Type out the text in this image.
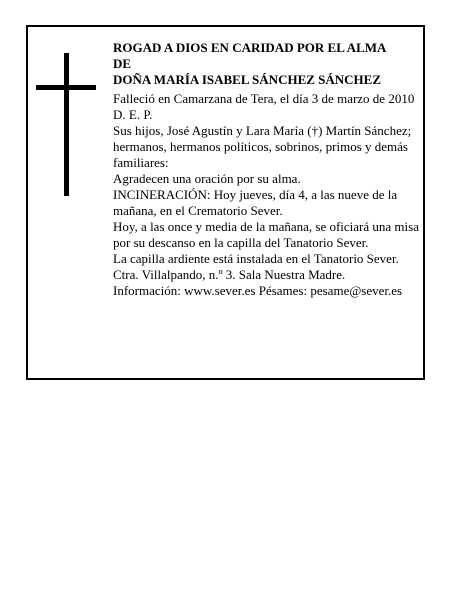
ROGAD A DIOS EN CARIDAD POR EL ALMA

DE

DOÑA MARÍA ISABEL SÁNCHEZ SÁNCHEZ

Falleció en Camarzana de Tera, el día 3 de marzo de 2010

D. E. P.

Sus hijos, José Agustín y Lara María (†) Martín Sánchez; hermanos, hermanos políticos, sobrinos, primos y demás familiares:

Agradecen una oración por su alma.

INCINERACIÓN: Hoy jueves, día 4, a las nueve de la mañana, en el Crematorio Sever.

Hoy, a las once y media de la mañana, se oficiará una misa por su descanso en la capilla del Tanatorio Sever.

La capilla ardiente está instalada en el Tanatorio Sever.

Ctra. Villalpando, n.º 3. Sala Nuestra Madre.

Información: www.sever.es Pésames: pesame@sever.es
